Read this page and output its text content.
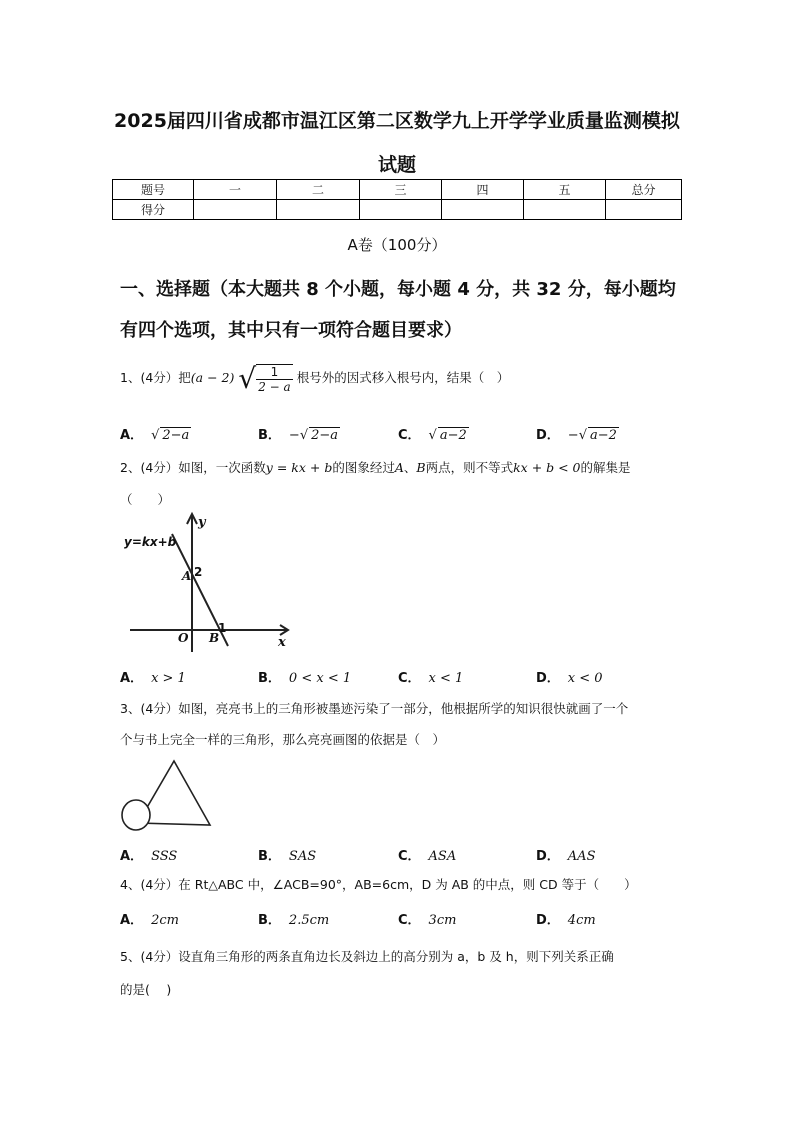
2025届四川省成都市温江区第二区数学九上开学学业质量监测模拟
试题
题号	一	二	三	四	五	总分
得分						
A卷（100分）
一、选择题（本大题共 8 个小题，每小题 4 分，共 32 分，每小题均
有四个选项，其中只有一项符合题目要求）
1、(4分）把(a − 2) √ $\frac{1}{2 - a}$ 根号外的因式移入根号内，结果（　）
A． √ 2−a	B． −√ 2−a	C． √ a−2	D． −√ a−2
2、(4分）如图，一次函数y = kx + b的图象经过A、B两点，则不等式kx + b < 0的解集是
（　　）
y=kx+b
y
x
O
A 2
B
1
A． x > 1	B． 0 < x < 1	C． x < 1	D． x < 0
3、(4分）如图，亮亮书上的三角形被墨迹污染了一部分，他根据所学的知识很快就画了一个
个与书上完全一样的三角形，那么亮亮画图的依据是（　）
A． SSS	B． SAS	C． ASA	D． AAS
4、(4分）在 Rt△ABC 中，∠ACB=90°，AB=6cm，D 为 AB 的中点，则 CD 等于（　　）
A． 2cm	B． 2.5cm	C． 3cm	D． 4cm
5、(4分）设直角三角形的两条直角边长及斜边上的高分别为 a，b 及 h，则下列关系正确
的是(　 )
